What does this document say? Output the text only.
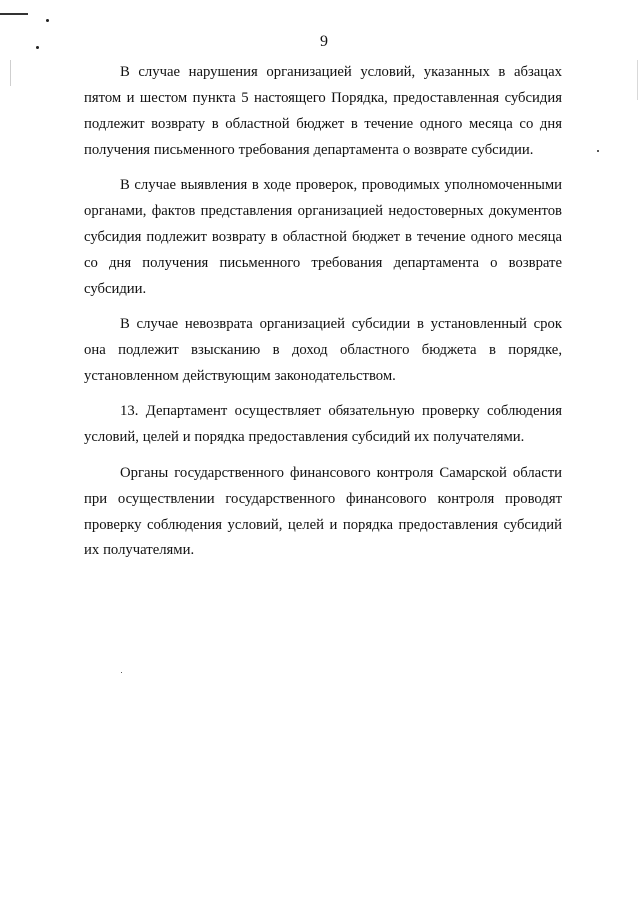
9

В случае нарушения организацией условий, указанных в абзацах пятом и шестом пункта 5 настоящего Порядка, предоставленная субсидия подлежит возврату в областной бюджет в течение одного месяца со дня получения письменного требования департамента о возврате субсидии.

В случае выявления в ходе проверок, проводимых уполномоченными органами, фактов представления организацией недостоверных документов субсидия подлежит возврату в областной бюджет в течение одного месяца со дня получения письменного требования департамента о возврате субсидии.

В случае невозврата организацией субсидии в установленный срок она подлежит взысканию в доход областного бюджета в порядке, установленном действующим законодательством.

13. Департамент осуществляет обязательную проверку соблюдения условий, целей и порядка предоставления субсидий их получателями.

Органы государственного финансового контроля Самарской области при осуществлении государственного финансового контроля проводят проверку соблюдения условий, целей и порядка предоставления субсидий их получателями.
